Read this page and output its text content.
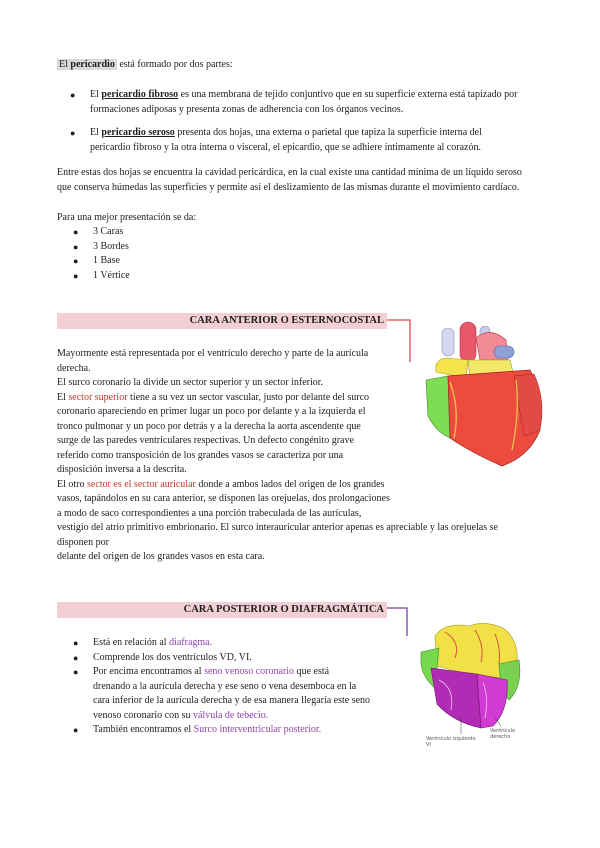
El pericardio está formado por dos partes:

● El pericardio fibroso es una membrana de tejido conjuntivo que en su superficie externa está tapizado por
formaciones adiposas y presenta zonas de adherencia con los órganos vecinos.
● El pericardio seroso presenta dos hojas, una externa o parietal que tapiza la superficie interna del
pericardio fibroso y la otra interna o visceral, el epicardio, que se adhiere íntimamente al corazón.

Entre estas dos hojas se encuentra la cavidad pericárdica, en la cual existe una cantidad mínima de un líquido seroso
que conserva húmedas las superficies y permite así el deslizamiento de las mismas durante el movimiento cardíaco.

Para una mejor presentación se da:

● 3 Caras
● 3 Bordes
● 1 Base
● 1 Vértice
CARA ANTERIOR O ESTERNOCOSTAL

Mayormente está representada por el ventrículo derecho y parte de la aurícula
derecha.
El surco coronario la divide un sector superior y un sector inferior.
El sector superior tiene a su vez un sector vascular, justo por delante del surco
coronario apareciendo en primer lugar un poco por delante y a la izquierda el
tronco pulmonar y un poco por detrás y a la derecha la aorta ascendente que
surge de las paredes ventriculares respectivas. Un defecto congénito grave
referido como transposición de los grandes vasos se caracteriza por una
disposición inversa a la descrita.
El otro sector es el sector auricular donde a ambos lados del origen de los grandes
vasos, tapándolos en su cara anterior, se disponen las orejuelas, dos prolongaciones
a modo de saco correspondientes a una porción trabeculada de las aurículas,
vestigio del atrio primitivo embrionario. El surco interauricular anterior apenas es apreciable y las orejuelas se
disponen por
delante del origen de los grandes vasos en esta cara.

CARA POSTERIOR O DIAFRAGMÁTICA
Ventrículo izquierdo
VI
Ventrículo
derecho
● Está en relación al diafragma.
● Comprende los dos ventrículos VD, VI.
● Por encima encontramos al seno venoso coronario que está
drenando a la aurícula derecha y ese seno o vena desemboca en la
cara inferior de la aurícula derecha y de esa manera llegaría este seno
venoso coronario con su válvula de tebecio.
● También encontramos el Surco interventricular posterior.
